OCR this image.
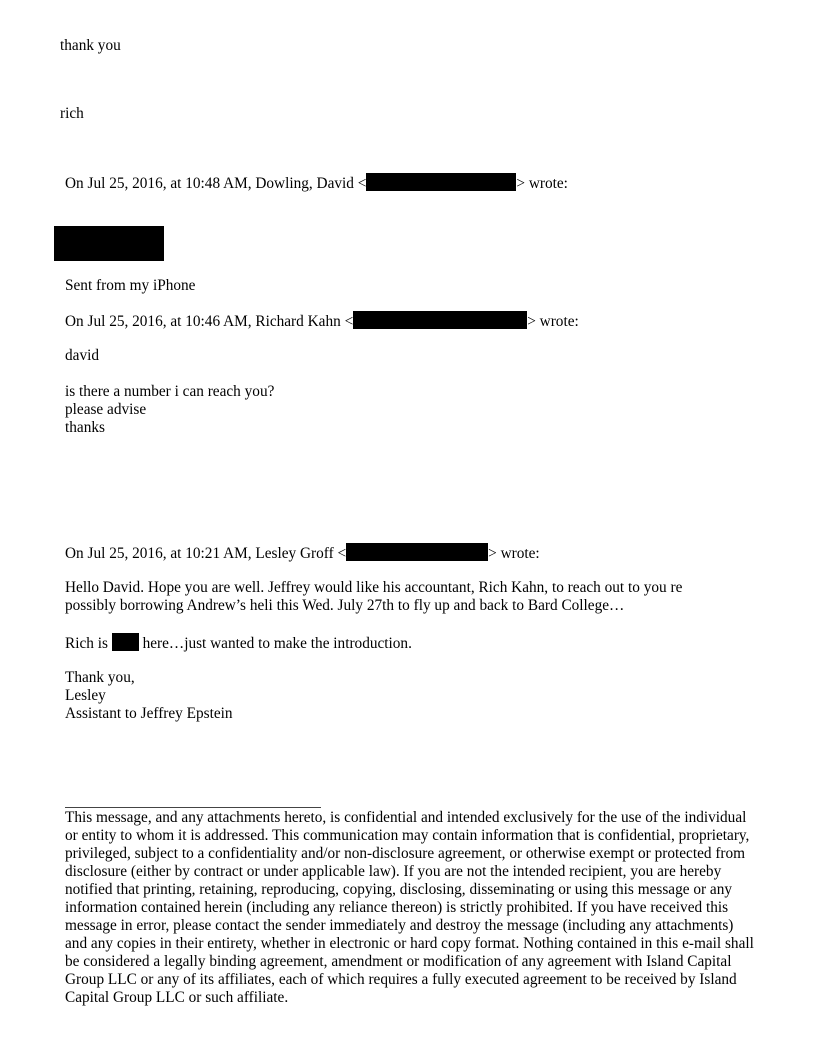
thank you
rich
On Jul 25, 2016, at 10:48 AM, Dowling, David <	> wrote:
Sent from my iPhone
On Jul 25, 2016, at 10:46 AM, Richard Kahn <	> wrote:
david
is there a number i can reach you?
please advise
thanks
On Jul 25, 2016, at 10:21 AM, Lesley Groff <	> wrote:
Hello David. Hope you are well. Jeffrey would like his accountant, Rich Kahn, to reach out to you re
possibly borrowing Andrew’s heli this Wed. July 27th to fly up and back to Bard College…
Rich is here…just wanted to make the introduction.
Thank you,
Lesley
Assistant to Jeffrey Epstein
This message, and any attachments hereto, is confidential and intended exclusively for the use of the individual or entity to whom it is addressed. This communication may contain information that is confidential, proprietary, privileged, subject to a confidentiality and/or non-disclosure agreement, or otherwise exempt or protected from disclosure (either by contract or under applicable law). If you are not the intended recipient, you are hereby notified that printing, retaining, reproducing, copying, disclosing, disseminating or using this message or any information contained herein (including any reliance thereon) is strictly prohibited. If you have received this message in error, please contact the sender immediately and destroy the message (including any attachments) and any copies in their entirety, whether in electronic or hard copy format. Nothing contained in this e-mail shall be considered a legally binding agreement, amendment or modification of any agreement with Island Capital Group LLC or any of its affiliates, each of which requires a fully executed agreement to be received by Island Capital Group LLC or such affiliate.
